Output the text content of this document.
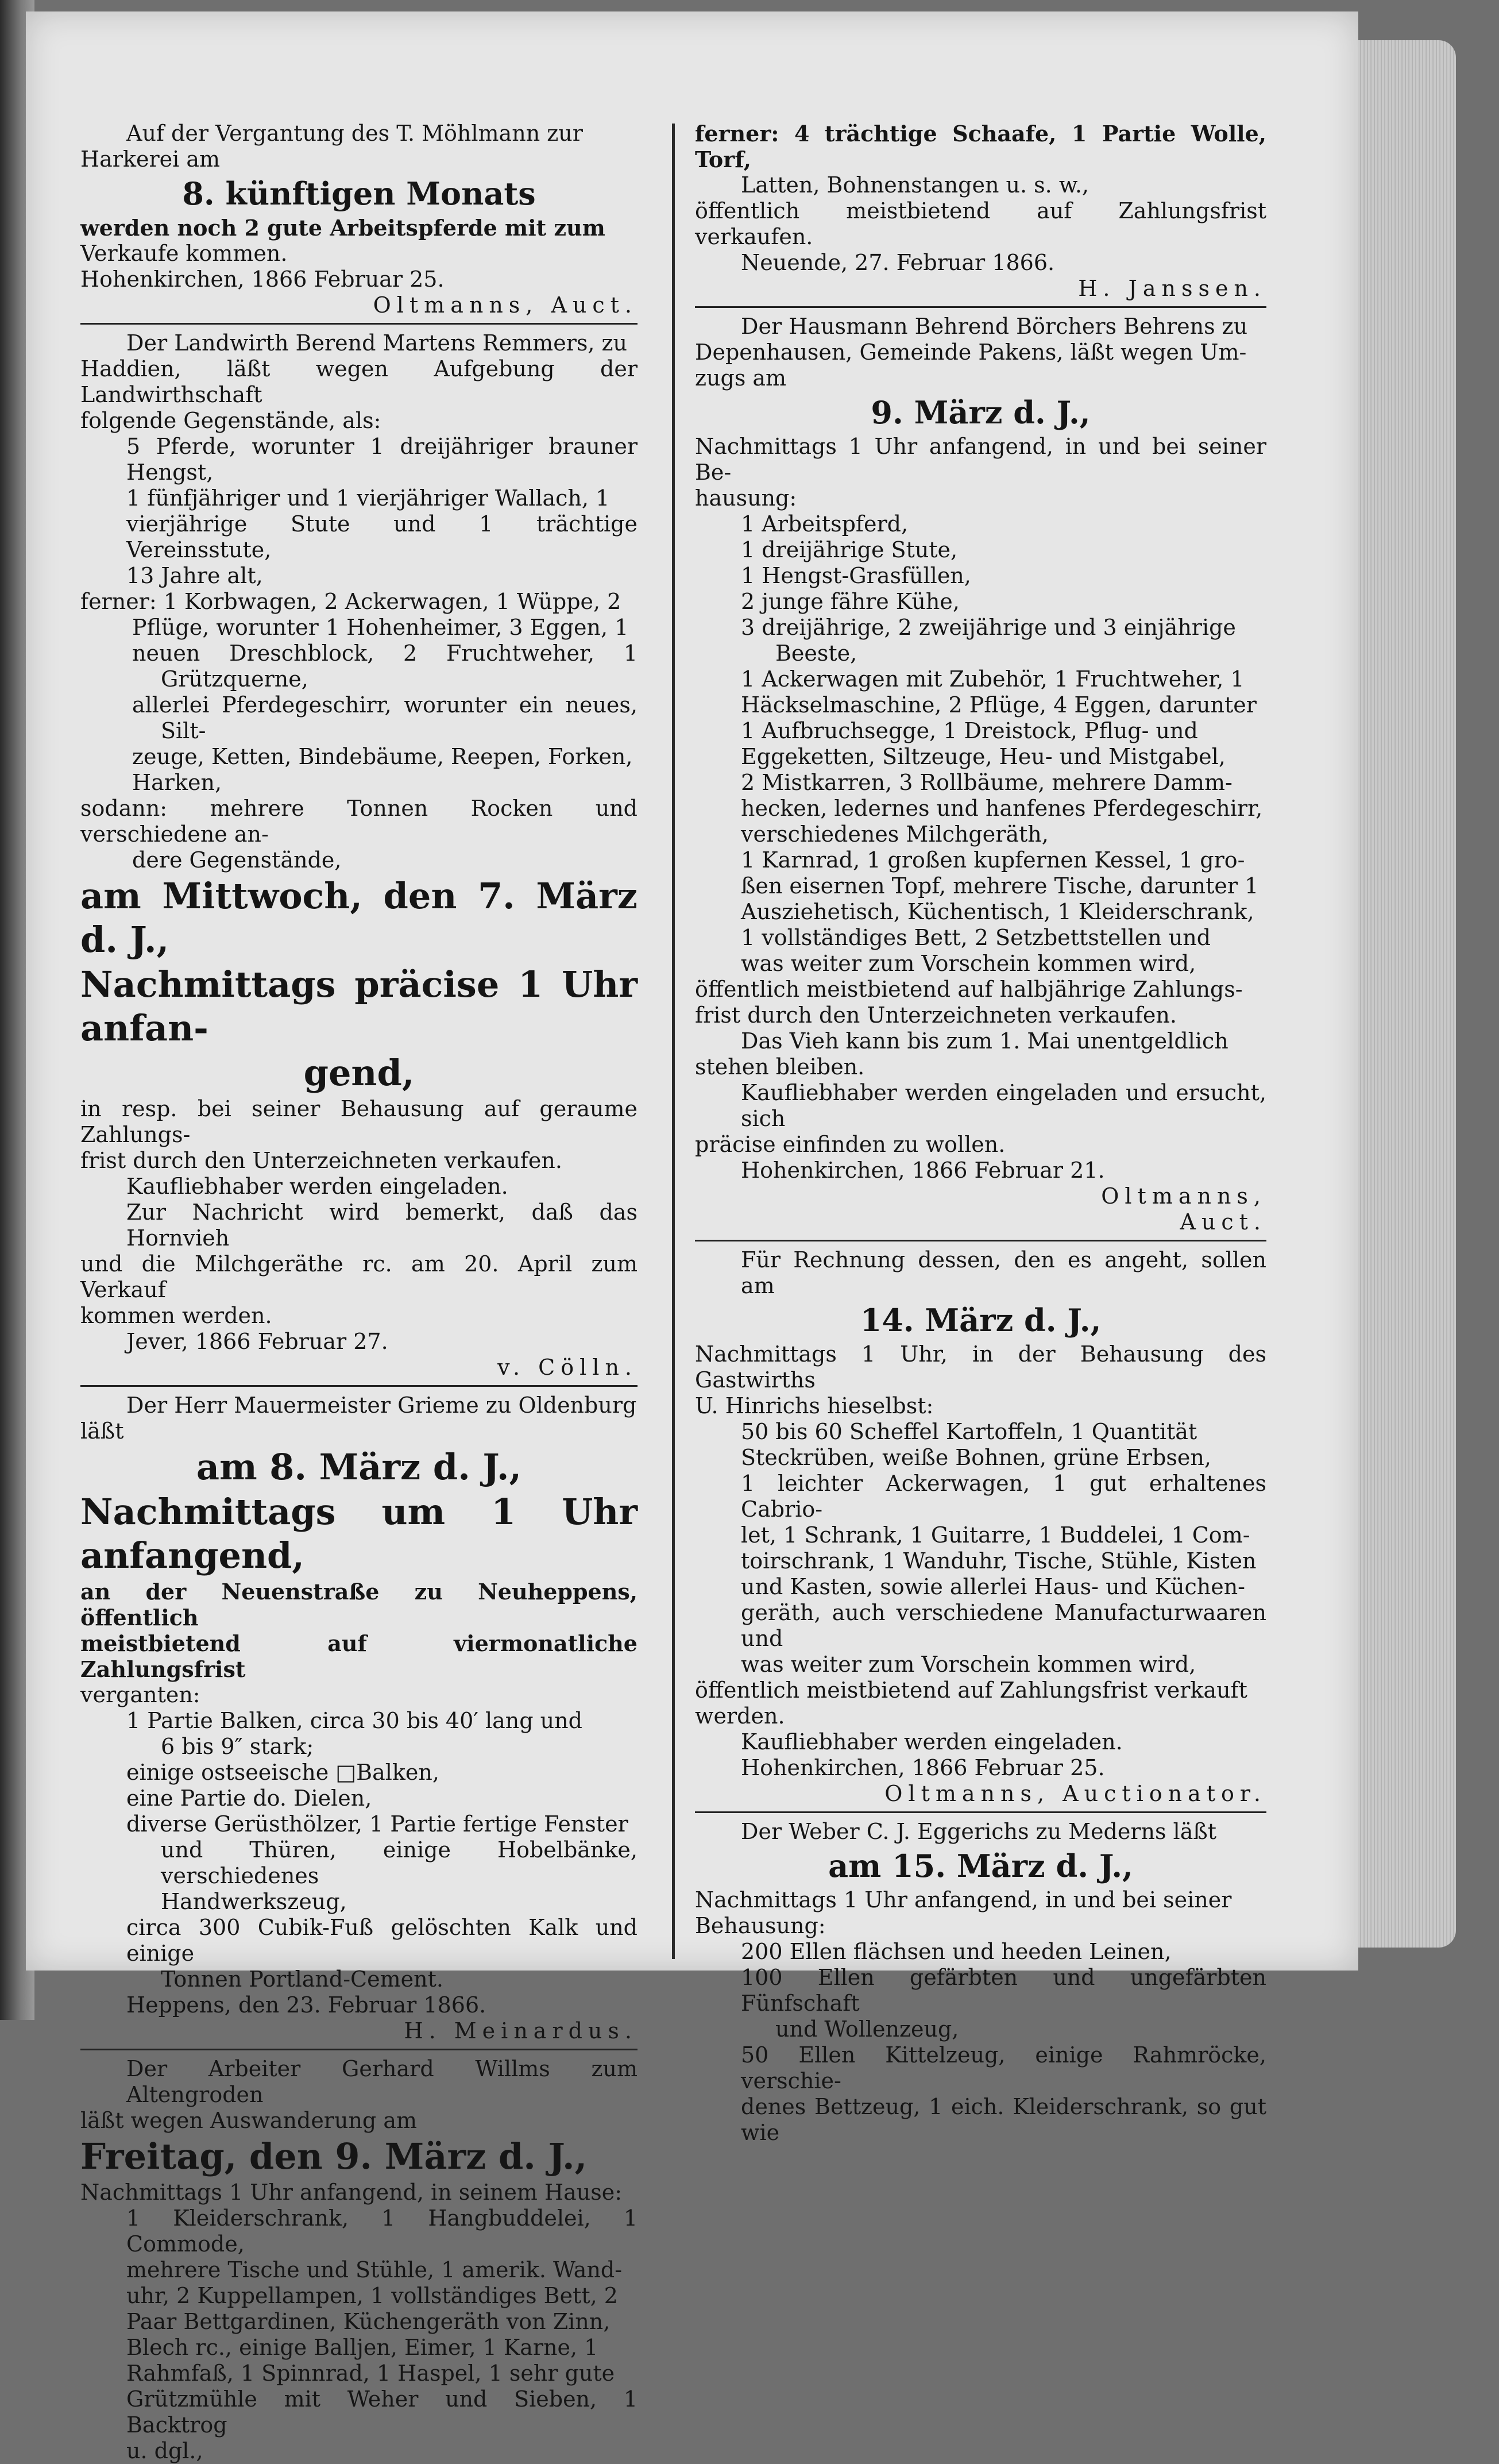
Auf der Vergantung des T. Möhlmann zur

Harkerei am

8. künftigen Monats

werden noch 2 gute Arbeitspferde mit zum

Verkaufe kommen.

Hohenkirchen, 1866 Februar 25.

Oltmanns, Auct.

Der Landwirth Berend Martens Remmers, zu

Haddien, läßt wegen Aufgebung der Landwirthschaft

folgende Gegenstände, als:

5 Pferde, worunter 1 dreijähriger brauner Hengst,

1 fünfjähriger und 1 vierjähriger Wallach, 1

vierjährige Stute und 1 trächtige Vereinsstute,

13 Jahre alt,

ferner: 1 Korbwagen, 2 Ackerwagen, 1 Wüppe, 2

Pflüge, worunter 1 Hohenheimer, 3 Eggen, 1

neuen Dreschblock, 2 Fruchtweher, 1 Grützquerne,

allerlei Pferdegeschirr, worunter ein neues, Silt-

zeuge, Ketten, Bindebäume, Reepen, Forken,

Harken,

sodann: mehrere Tonnen Rocken und verschiedene an-

dere Gegenstände,

am Mittwoch, den 7. März d. J.,

Nachmittags präcise 1 Uhr anfan-

gend,

in resp. bei seiner Behausung auf geraume Zahlungs-

frist durch den Unterzeichneten verkaufen.

Kaufliebhaber werden eingeladen.

Zur Nachricht wird bemerkt, daß das Hornvieh

und die Milchgeräthe rc. am 20. April zum Verkauf

kommen werden.

Jever, 1866 Februar 27.

v. Cölln.

Der Herr Mauermeister Grieme zu Oldenburg

läßt

am 8. März d. J.,

Nachmittags um 1 Uhr anfangend,

an der Neuenstraße zu Neuheppens, öffentlich

meistbietend auf viermonatliche Zahlungsfrist

verganten:

1 Partie Balken, circa 30 bis 40′ lang und

6 bis 9″ stark;

einige ostseeische □Balken,

eine Partie do. Dielen,

diverse Gerüsthölzer, 1 Partie fertige Fenster

und Thüren, einige Hobelbänke, verschiedenes

Handwerkszeug,

circa 300 Cubik-Fuß gelöschten Kalk und einige

Tonnen Portland-Cement.

Heppens, den 23. Februar 1866.

H. Meinardus.

Der Arbeiter Gerhard Willms zum Altengroden

läßt wegen Auswanderung am

Freitag, den 9. März d. J.,

Nachmittags 1 Uhr anfangend, in seinem Hause:

1 Kleiderschrank, 1 Hangbuddelei, 1 Commode,

mehrere Tische und Stühle, 1 amerik. Wand-

uhr, 2 Kuppellampen, 1 vollständiges Bett, 2

Paar Bettgardinen, Küchengeräth von Zinn,

Blech rc., einige Balljen, Eimer, 1 Karne, 1

Rahmfaß, 1 Spinnrad, 1 Haspel, 1 sehr gute

Grützmühle mit Weher und Sieben, 1 Backtrog

u. dgl.,

ferner: 4 trächtige Schaafe, 1 Partie Wolle, Torf,

Latten, Bohnenstangen u. s. w.,

öffentlich meistbietend auf Zahlungsfrist verkaufen.

Neuende, 27. Februar 1866.

H. Janssen.

Der Hausmann Behrend Börchers Behrens zu

Depenhausen, Gemeinde Pakens, läßt wegen Um-

zugs am

9. März d. J.,

Nachmittags 1 Uhr anfangend, in und bei seiner Be-

hausung:

1 Arbeitspferd,

1 dreijährige Stute,

1 Hengst-Grasfüllen,

2 junge fähre Kühe,

3 dreijährige, 2 zweijährige und 3 einjährige

Beeste,

1 Ackerwagen mit Zubehör, 1 Fruchtweher, 1

Häckselmaschine, 2 Pflüge, 4 Eggen, darunter

1 Aufbruchsegge, 1 Dreistock, Pflug- und

Eggeketten, Siltzeuge, Heu- und Mistgabel,

2 Mistkarren, 3 Rollbäume, mehrere Damm-

hecken, ledernes und hanfenes Pferdegeschirr,

verschiedenes Milchgeräth,

1 Karnrad, 1 großen kupfernen Kessel, 1 gro-

ßen eisernen Topf, mehrere Tische, darunter 1

Ausziehetisch, Küchentisch, 1 Kleiderschrank,

1 vollständiges Bett, 2 Setzbettstellen und

was weiter zum Vorschein kommen wird,

öffentlich meistbietend auf halbjährige Zahlungs-

frist durch den Unterzeichneten verkaufen.

Das Vieh kann bis zum 1. Mai unentgeldlich

stehen bleiben.

Kaufliebhaber werden eingeladen und ersucht, sich

präcise einfinden zu wollen.

Hohenkirchen, 1866 Februar 21.

Oltmanns,

Auct.

Für Rechnung dessen, den es angeht, sollen am

14. März d. J.,

Nachmittags 1 Uhr, in der Behausung des Gastwirths

U. Hinrichs hieselbst:

50 bis 60 Scheffel Kartoffeln, 1 Quantität

Steckrüben, weiße Bohnen, grüne Erbsen,

1 leichter Ackerwagen, 1 gut erhaltenes Cabrio-

let, 1 Schrank, 1 Guitarre, 1 Buddelei, 1 Com-

toirschrank, 1 Wanduhr, Tische, Stühle, Kisten

und Kasten, sowie allerlei Haus- und Küchen-

geräth, auch verschiedene Manufacturwaaren und

was weiter zum Vorschein kommen wird,

öffentlich meistbietend auf Zahlungsfrist verkauft

werden.

Kaufliebhaber werden eingeladen.

Hohenkirchen, 1866 Februar 25.

Oltmanns, Auctionator.

Der Weber C. J. Eggerichs zu Mederns läßt

am 15. März d. J.,

Nachmittags 1 Uhr anfangend, in und bei seiner

Behausung:

200 Ellen flächsen und heeden Leinen,

100 Ellen gefärbten und ungefärbten Fünfschaft

und Wollenzeug,

50 Ellen Kittelzeug, einige Rahmröcke, verschie-

denes Bettzeug, 1 eich. Kleiderschrank, so gut wie
